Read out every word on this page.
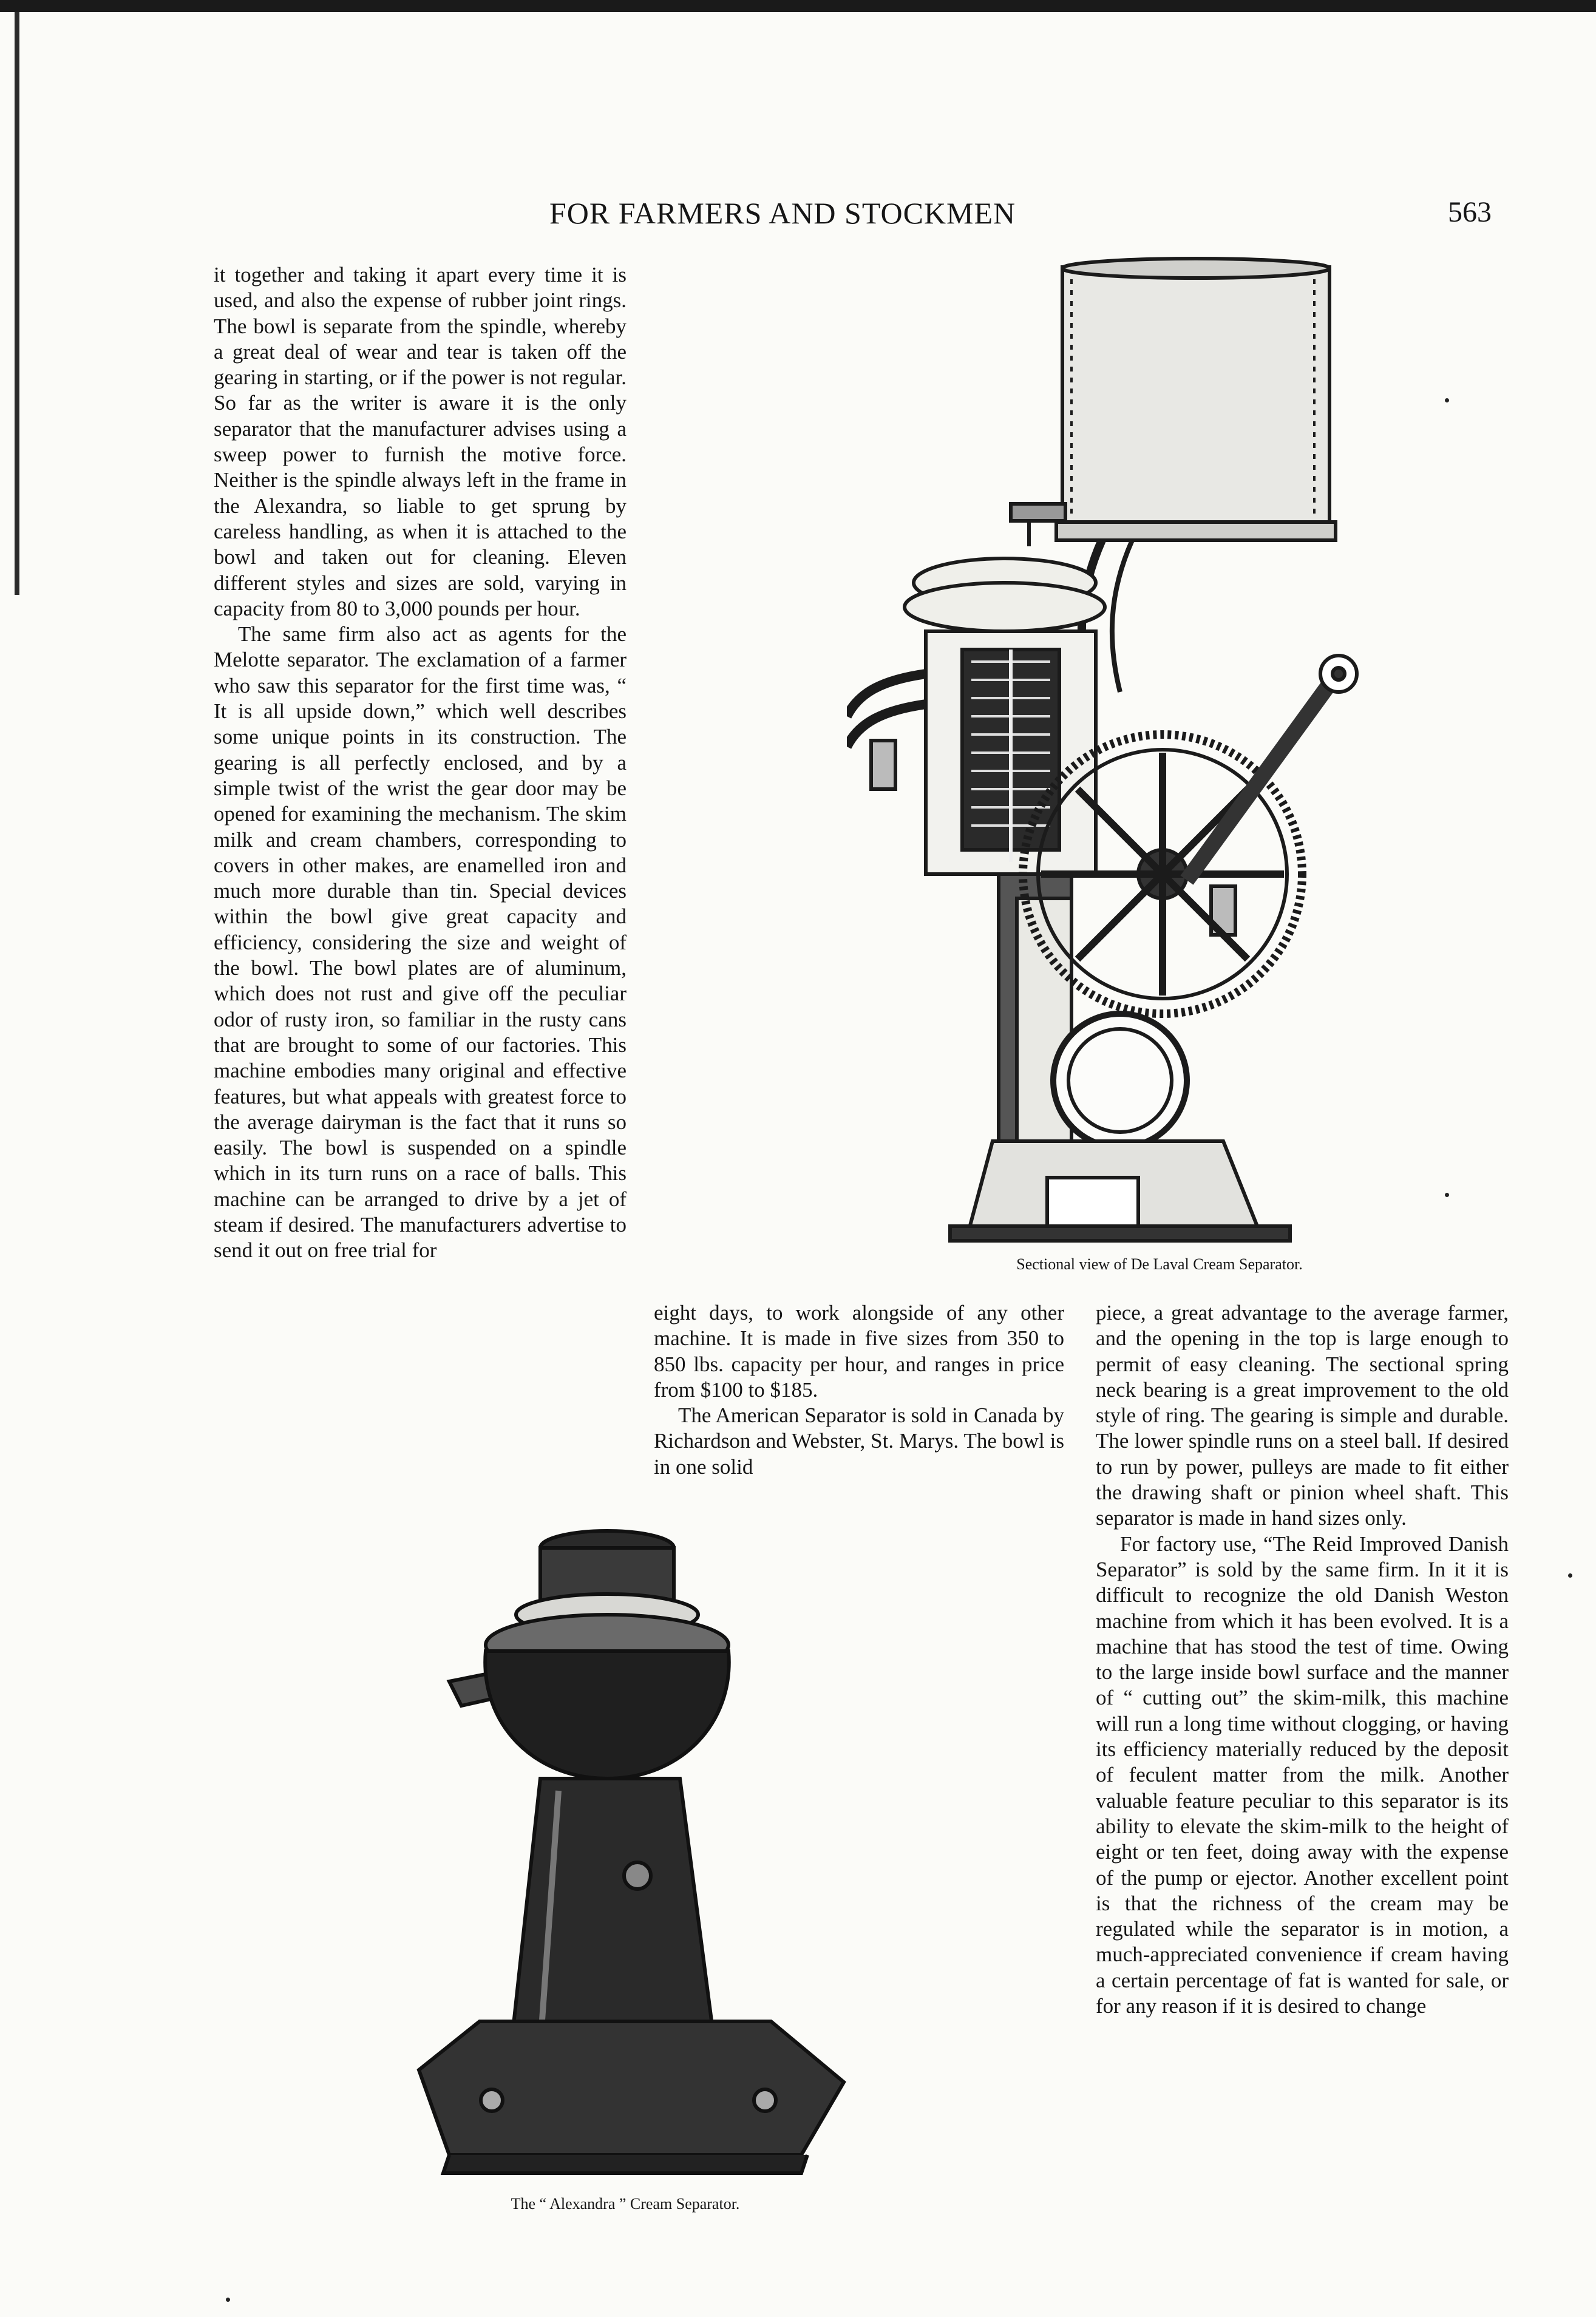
FOR FARMERS AND STOCKMEN	563
Sectional view of De Laval Cream Separator.
The “ Alexandra ” Cream Separator.

it together and taking it apart every time it is used, and also the expense of rubber joint rings. The bowl is separate from the spindle, whereby a great deal of wear and tear is taken off the gearing in starting, or if the power is not regular. So far as the writer is aware it is the only separator that the manufacturer advises using a sweep power to furnish the motive force. Neither is the spindle always left in the frame in the Alexandra, so liable to get sprung by careless handling, as when it is attached to the bowl and taken out for cleaning. Eleven different styles and sizes are sold, varying in capacity from 80 to 3,000 pounds per hour.

The same firm also act as agents for the Melotte separator. The exclamation of a farmer who saw this separator for the first time was, “ It is all upside down,” which well describes some unique points in its construction. The gearing is all perfectly enclosed, and by a simple twist of the wrist the gear door may be opened for examining the mechanism. The skim milk and cream chambers, corresponding to covers in other makes, are enamelled iron and much more durable than tin. Special devices within the bowl give great capacity and efficiency, considering the size and weight of the bowl. The bowl plates are of aluminum, which does not rust and give off the peculiar odor of rusty iron, so familiar in the rusty cans that are brought to some of our factories. This machine embodies many original and effective features, but what appeals with greatest force to the average dairyman is the fact that it runs so easily. The bowl is suspended on a spindle which in its turn runs on a race of balls. This machine can be arranged to drive by a jet of steam if desired. The manufacturers advertise to send it out on free trial for

eight days, to work alongside of any other machine. It is made in five sizes from 350 to 850 lbs. capacity per hour, and ranges in price from $100 to $185.

The American Separator is sold in Canada by Richardson and Webster, St. Marys. The bowl is in one solid

piece, a great advantage to the average farmer, and the opening in the top is large enough to permit of easy cleaning. The sectional spring neck bearing is a great improvement to the old style of ring. The gearing is simple and durable. The lower spindle runs on a steel ball. If desired to run by power, pulleys are made to fit either the drawing shaft or pinion wheel shaft. This separator is made in hand sizes only.

For factory use, “The Reid Improved Danish Separator” is sold by the same firm. In it it is difficult to recognize the old Danish Weston machine from which it has been evolved. It is a machine that has stood the test of time. Owing to the large inside bowl surface and the manner of “ cutting out” the skim-milk, this machine will run a long time without clogging, or having its efficiency materially reduced by the deposit of feculent matter from the milk. Another valuable feature peculiar to this separator is its ability to elevate the skim-milk to the height of eight or ten feet, doing away with the expense of the pump or ejector. Another excellent point is that the richness of the cream may be regulated while the separator is in motion, a much-appreciated convenience if cream having a certain percentage of fat is wanted for sale, or for any reason if it is desired to change
